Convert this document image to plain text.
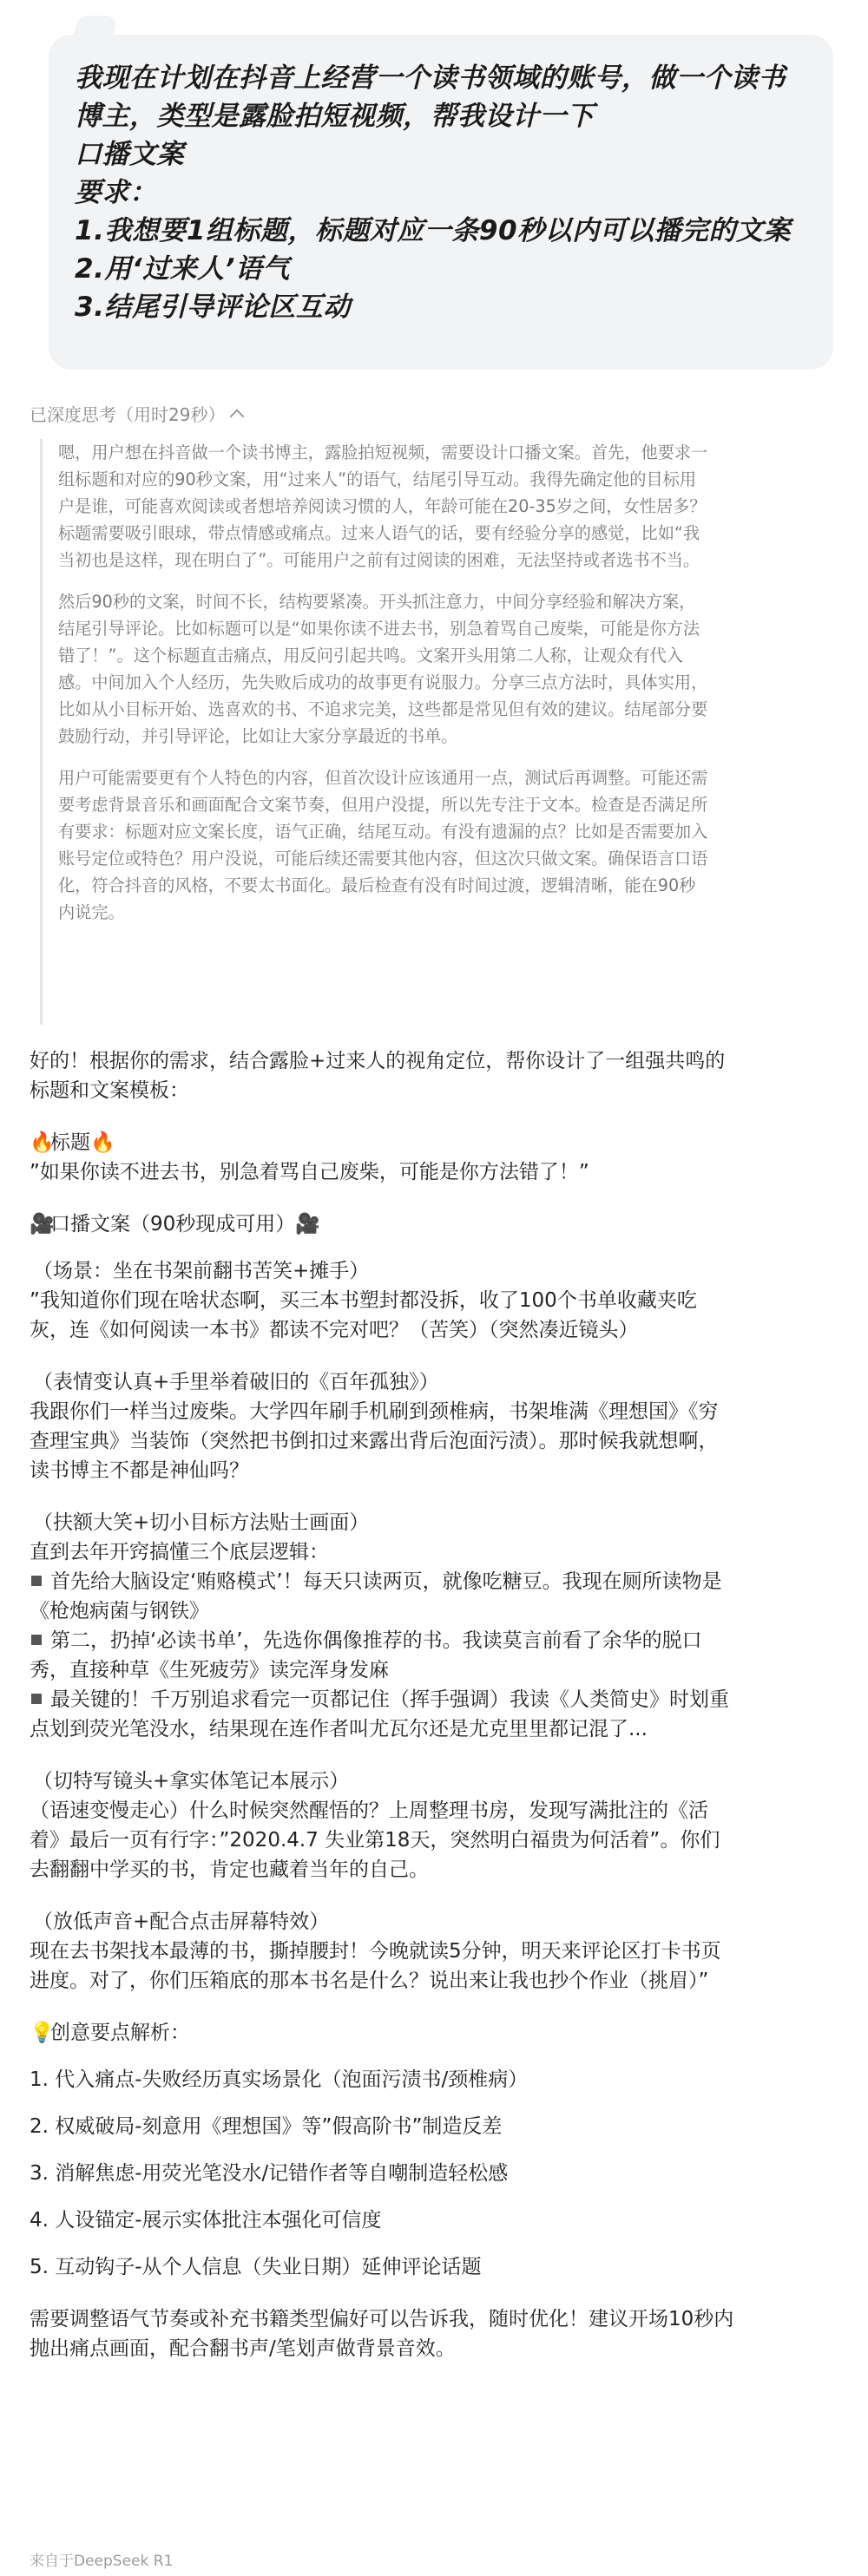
我现在计划在抖音上经营一个读书领域的账号，做一个读书
博主，类型是露脸拍短视频，帮我设计一下
口播文案
要求：
1.我想要1组标题，标题对应一条90秒以内可以播完的文案
2.用‘过来人’语气
3.结尾引导评论区互动
已深度思考（用时29秒）
嗯，用户想在抖音做一个读书博主，露脸拍短视频，需要设计口播文案。首先，他要求一
组标题和对应的90秒文案，用“过来人”的语气，结尾引导互动。我得先确定他的目标用
户是谁，可能喜欢阅读或者想培养阅读习惯的人，年龄可能在20-35岁之间，女性居多？
标题需要吸引眼球，带点情感或痛点。过来人语气的话，要有经验分享的感觉，比如“我
当初也是这样，现在明白了”。可能用户之前有过阅读的困难，无法坚持或者选书不当。
然后90秒的文案，时间不长，结构要紧凑。开头抓注意力，中间分享经验和解决方案，
结尾引导评论。比如标题可以是“如果你读不进去书，别急着骂自己废柴，可能是你方法
错了！”。这个标题直击痛点，用反问引起共鸣。文案开头用第二人称，让观众有代入
感。中间加入个人经历，先失败后成功的故事更有说服力。分享三点方法时，具体实用，
比如从小目标开始、选喜欢的书、不追求完美，这些都是常见但有效的建议。结尾部分要
鼓励行动，并引导评论，比如让大家分享最近的书单。
用户可能需要更有个人特色的内容，但首次设计应该通用一点，测试后再调整。可能还需
要考虑背景音乐和画面配合文案节奏，但用户没提，所以先专注于文本。检查是否满足所
有要求：标题对应文案长度，语气正确，结尾互动。有没有遗漏的点？比如是否需要加入
账号定位或特色？用户没说，可能后续还需要其他内容，但这次只做文案。确保语言口语
化，符合抖音的风格，不要太书面化。最后检查有没有时间过渡，逻辑清晰，能在90秒
内说完。

好的！根据你的需求，结合露脸+过来人的视角定位，帮你设计了一组强共鸣的

标题和文案模板：

🔥标题🔥

”如果你读不进去书，别急着骂自己废柴，可能是你方法错了！”

🎥口播文案（90秒现成可用）🎥

（场景：坐在书架前翻书苦笑+摊手）

”我知道你们现在啥状态啊，买三本书塑封都没拆，收了100个书单收藏夹吃

灰，连《如何阅读一本书》都读不完对吧？（苦笑）（突然凑近镜头）

（表情变认真+手里举着破旧的《百年孤独》）

我跟你们一样当过废柴。大学四年刷手机刷到颈椎病，书架堆满《理想国》《穷

查理宝典》当装饰（突然把书倒扣过来露出背后泡面污渍）。那时候我就想啊，

读书博主不都是神仙吗？

（扶额大笑+切小目标方法贴士画面）

直到去年开窍搞懂三个底层逻辑：

首先给大脑设定‘贿赂模式’！每天只读两页，就像吃糖豆。我现在厕所读物是

《枪炮病菌与钢铁》

第二，扔掉‘必读书单’，先选你偶像推荐的书。我读莫言前看了余华的脱口

秀，直接种草《生死疲劳》读完浑身发麻

最关键的！千万别追求看完一页都记住（挥手强调）我读《人类简史》时划重

点划到荧光笔没水，结果现在连作者叫尤瓦尔还是尤克里里都记混了...

（切特写镜头+拿实体笔记本展示）

（语速变慢走心）什么时候突然醒悟的？上周整理书房，发现写满批注的《活

着》最后一页有行字：”2020.4.7 失业第18天，突然明白福贵为何活着”。你们

去翻翻中学买的书，肯定也藏着当年的自己。

（放低声音+配合点击屏幕特效）

现在去书架找本最薄的书，撕掉腰封！今晚就读5分钟，明天来评论区打卡书页

进度。对了，你们压箱底的那本书名是什么？说出来让我也抄个作业（挑眉）”

💡创意要点解析：

1. 代入痛点-失败经历真实场景化（泡面污渍书/颈椎病）

2. 权威破局-刻意用《理想国》等”假高阶书”制造反差

3. 消解焦虑-用荧光笔没水/记错作者等自嘲制造轻松感

4. 人设锚定-展示实体批注本强化可信度

5. 互动钩子-从个人信息（失业日期）延伸评论话题

需要调整语气节奏或补充书籍类型偏好可以告诉我，随时优化！建议开场10秒内

抛出痛点画面，配合翻书声/笔划声做背景音效。

来自于DeepSeek R1
